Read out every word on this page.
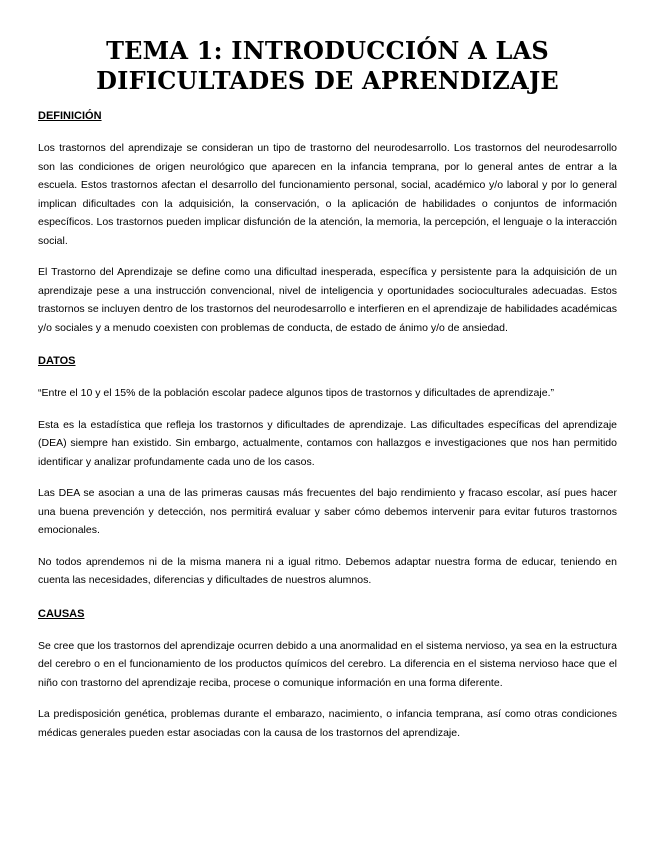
TEMA 1: INTRODUCCIÓN A LAS
DIFICULTADES DE APRENDIZAJE
DEFINICIÓN

Los trastornos del aprendizaje se consideran un tipo de trastorno del neurodesarrollo. Los trastornos del neurodesarrollo son las condiciones de origen neurológico que aparecen en la infancia temprana, por lo general antes de entrar a la escuela. Estos trastornos afectan el desarrollo del funcionamiento personal, social, académico y/o laboral y por lo general implican dificultades con la adquisición, la conservación, o la aplicación de habilidades o conjuntos de información específicos. Los trastornos pueden implicar disfunción de la atención, la memoria, la percepción, el lenguaje o la interacción social.

El Trastorno del Aprendizaje se define como una dificultad inesperada, específica y persistente para la adquisición de un aprendizaje pese a una instrucción convencional, nivel de inteligencia y oportunidades socioculturales adecuadas. Estos trastornos se incluyen dentro de los trastornos del neurodesarrollo e interfieren en el aprendizaje de habilidades académicas y/o sociales y a menudo coexisten con problemas de conducta, de estado de ánimo y/o de ansiedad.

DATOS

“Entre el 10 y el 15% de la población escolar padece algunos tipos de trastornos y dificultades de aprendizaje.”

Esta es la estadística que refleja los trastornos y dificultades de aprendizaje. Las dificultades específicas del aprendizaje (DEA) siempre han existido. Sin embargo, actualmente, contamos con hallazgos e investigaciones que nos han permitido identificar y analizar profundamente cada uno de los casos.

Las DEA se asocian a una de las primeras causas más frecuentes del bajo rendimiento y fracaso escolar, así pues hacer una buena prevención y detección, nos permitirá evaluar y saber cómo debemos intervenir para evitar futuros trastornos emocionales.

No todos aprendemos ni de la misma manera ni a igual ritmo. Debemos adaptar nuestra forma de educar, teniendo en cuenta las necesidades, diferencias y dificultades de nuestros alumnos.

CAUSAS

Se cree que los trastornos del aprendizaje ocurren debido a una anormalidad en el sistema nervioso, ya sea en la estructura del cerebro o en el funcionamiento de los productos químicos del cerebro. La diferencia en el sistema nervioso hace que el niño con trastorno del aprendizaje reciba, procese o comunique información en una forma diferente.

La predisposición genética, problemas durante el embarazo, nacimiento, o infancia temprana, así como otras condiciones médicas generales pueden estar asociadas con la causa de los trastornos del aprendizaje.
